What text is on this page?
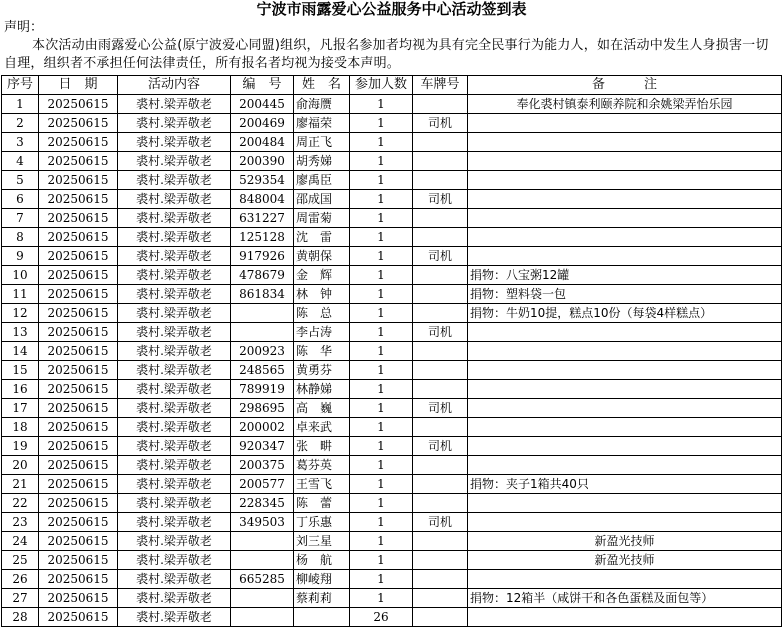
宁波市雨露爱心公益服务中心活动签到表
声明：
本次活动由雨露爱心公益(原宁波爱心同盟)组织，凡报名参加者均视为具有完全民事行为能力人，如在活动中发生人身损害一切自理，组织者不承担任何法律责任，所有报名者均视为接受本声明。
序号	日　期	活动内容	编　号	姓　名	参加人数	车牌号	备　　　注
1	20250615	裘村.梁弄敬老	200445	俞海赝	1		奉化裘村镇泰利颐养院和余姚梁弄怡乐园
2	20250615	裘村.梁弄敬老	200469	廖福荣	1	司机	
3	20250615	裘村.梁弄敬老	200484	周正飞	1		
4	20250615	裘村.梁弄敬老	200390	胡秀娣	1		
5	20250615	裘村.梁弄敬老	529354	廖禹臣	1		
6	20250615	裘村.梁弄敬老	848004	邵成国	1	司机	
7	20250615	裘村.梁弄敬老	631227	周雷菊	1		
8	20250615	裘村.梁弄敬老	125128	沈　雷	1		
9	20250615	裘村.梁弄敬老	917926	黄朝保	1	司机	
10	20250615	裘村.梁弄敬老	478679	金　辉	1		捐物：八宝粥12罐
11	20250615	裘村.梁弄敬老	861834	林　钟	1		捐物：塑料袋一包
12	20250615	裘村.梁弄敬老		陈　总	1		捐物：牛奶10提，糕点10份（每袋4样糕点）
13	20250615	裘村.梁弄敬老		李占涛	1	司机	
14	20250615	裘村.梁弄敬老	200923	陈　华	1		
15	20250615	裘村.梁弄敬老	248565	黄勇芬	1		
16	20250615	裘村.梁弄敬老	789919	林静娣	1		
17	20250615	裘村.梁弄敬老	298695	高　巍	1	司机	
18	20250615	裘村.梁弄敬老	200002	卓来武	1		
19	20250615	裘村.梁弄敬老	920347	张　畊	1	司机	
20	20250615	裘村.梁弄敬老	200375	葛芬英	1		
21	20250615	裘村.梁弄敬老	200577	王雪飞	1		捐物：夹子1箱共40只
22	20250615	裘村.梁弄敬老	228345	陈　蕾	1		
23	20250615	裘村.梁弄敬老	349503	丁乐惠	1	司机	
24	20250615	裘村.梁弄敬老		刘三星	1		新盈光技师
25	20250615	裘村.梁弄敬老		杨　航	1		新盈光技师
26	20250615	裘村.梁弄敬老	665285	柳崚翔	1		
27	20250615	裘村.梁弄敬老		蔡莉莉	1		捐物：12箱半（咸饼干和各色蛋糕及面包等）
28	20250615	裘村.梁弄敬老			26		
